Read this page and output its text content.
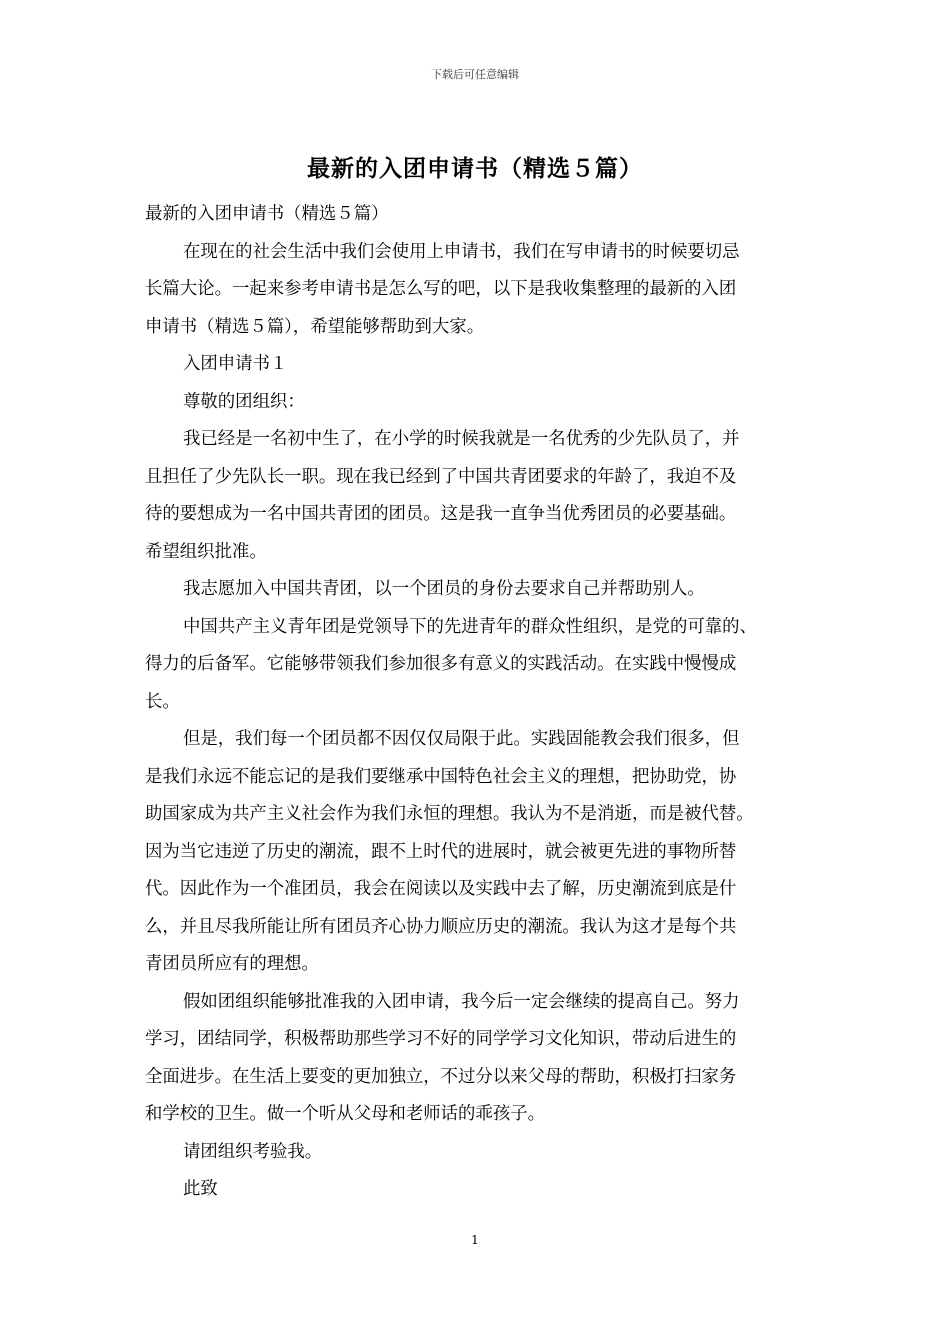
下载后可任意编辑
最新的入团申请书（精选５篇）
最新的入团申请书（精选５篇）
在现在的社会生活中我们会使用上申请书，我们在写申请书的时候要切忌
长篇大论。一起来参考申请书是怎么写的吧，以下是我收集整理的最新的入团
申请书（精选５篇），希望能够帮助到大家。
入团申请书１
尊敬的团组织：
我已经是一名初中生了，在小学的时候我就是一名优秀的少先队员了，并
且担任了少先队长一职。现在我已经到了中国共青团要求的年龄了，我迫不及
待的要想成为一名中国共青团的团员。这是我一直争当优秀团员的必要基础。
希望组织批准。
我志愿加入中国共青团，以一个团员的身份去要求自己并帮助别人。
中国共产主义青年团是党领导下的先进青年的群众性组织，是党的可靠的、
得力的后备军。它能够带领我们参加很多有意义的实践活动。在实践中慢慢成
长。
但是，我们每一个团员都不因仅仅局限于此。实践固能教会我们很多，但
是我们永远不能忘记的是我们要继承中国特色社会主义的理想，把协助党，协
助国家成为共产主义社会作为我们永恒的理想。我认为不是消逝，而是被代替。
因为当它违逆了历史的潮流，跟不上时代的进展时，就会被更先进的事物所替
代。因此作为一个准团员，我会在阅读以及实践中去了解，历史潮流到底是什
么，并且尽我所能让所有团员齐心协力顺应历史的潮流。我认为这才是每个共
青团员所应有的理想。
假如团组织能够批准我的入团申请，我今后一定会继续的提高自己。努力
学习，团结同学，积极帮助那些学习不好的同学学习文化知识，带动后进生的
全面进步。在生活上要变的更加独立，不过分以来父母的帮助，积极打扫家务
和学校的卫生。做一个听从父母和老师话的乖孩子。
请团组织考验我。
此致
1
